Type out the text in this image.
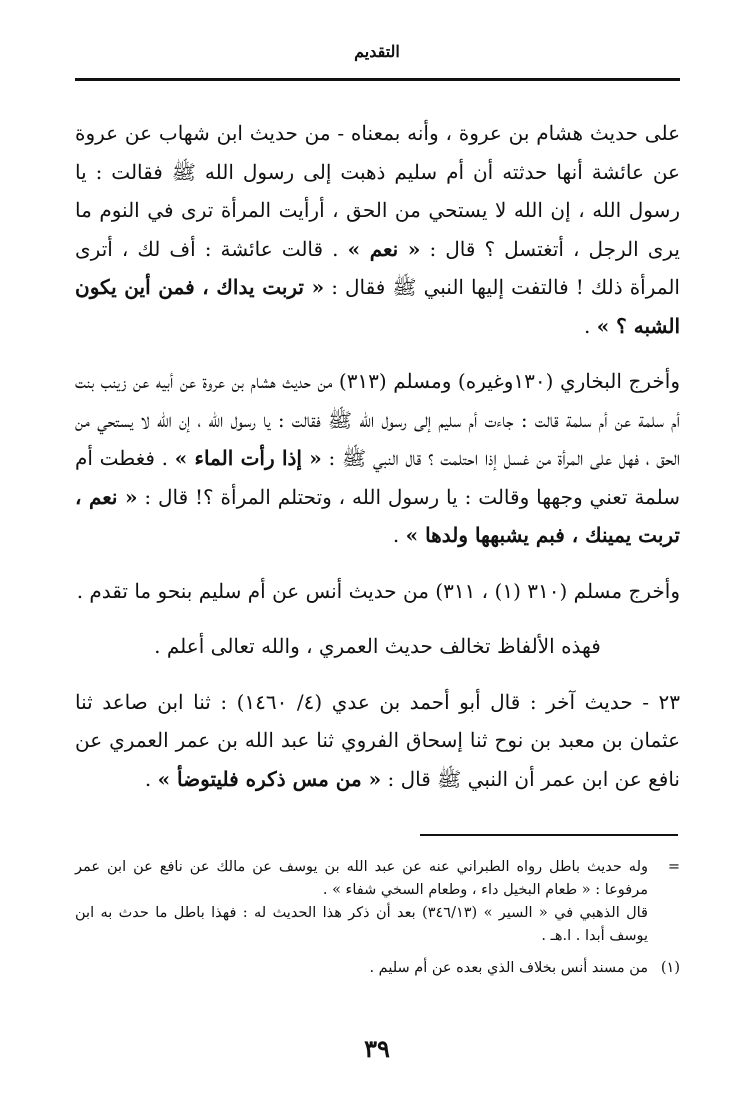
التقديم

على حديث هشام بن عروة ، وأنه بمعناه - من حديث ابن شهاب عن عروة عن عائشة أنها حدثته أن أم سليم ذهبت إلى رسول الله ﷺ فقالت : يا رسول الله ، إن الله لا يستحي من الحق ، أرأيت المرأة ترى في النوم ما يرى الرجل ، أتغتسل ؟ قال : « نعم » . قالت عائشة : أف لك ، أترى المرأة ذلك ! فالتفت إليها النبي ﷺ فقال : « تربت يداك ، فمن أين يكون الشبه ؟ » .

وأخرج البخاري (١٣٠وغيره) ومسلم (٣١٣) من حديث هشام بن عروة عن أبيه عن زينب بنت أم سلمة عن أم سلمة قالت : جاءت أم سليم إلى رسول الله ﷺ فقالت : يا رسول الله ، إن الله لا يستحي من الحق ، فهل على المرأة من غسل إذا احتلمت ؟ قال النبي ﷺ : « إذا رأت الماء » . فغطت أم سلمة تعني وجهها وقالت : يا رسول الله ، وتحتلم المرأة ؟! قال : « نعم ، تربت يمينك ، فبم يشبهها ولدها » .

وأخرج مسلم (٣١٠ (١) ، ٣١١) من حديث أنس عن أم سليم بنحو ما تقدم .

فهذه الألفاظ تخالف حديث العمري ، والله تعالى أعلم .

٢٣ - حديث آخر : قال أبو أحمد بن عدي (٤/ ١٤٦٠) : ثنا ابن صاعد ثنا عثمان بن معبد بن نوح ثنا إسحاق الفروي ثنا عبد الله بن عمر العمري عن نافع عن ابن عمر أن النبي ﷺ قال : « من مس ذكره فليتوضأ » .

=
وله حديث باطل رواه الطبراني عنه عن عبد الله بن يوسف عن مالك عن نافع عن ابن عمر مرفوعا : « طعام البخيل داء ، وطعام السخي شفاء » .
قال الذهبي في « السير » (٣٤٦/١٣) بعد أن ذكر هذا الحديث له : فهذا باطل ما حدث به ابن يوسف أبدا . ا.هـ .
(١)
من مسند أنس بخلاف الذي بعده عن أم سليم .
٣٩
